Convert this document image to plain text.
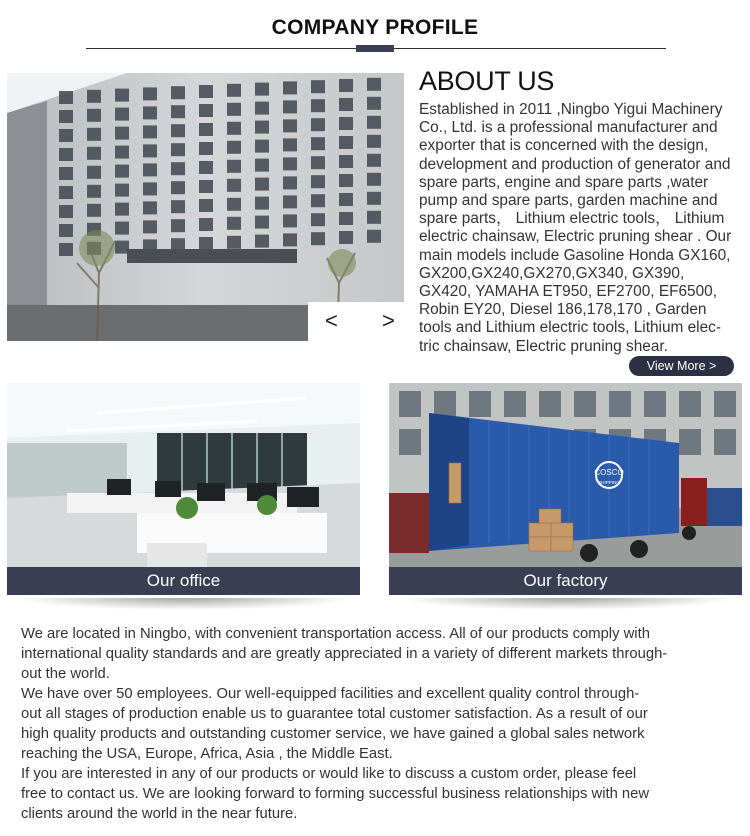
COMPANY PROFILE
< >
ABOUT US
Established in 2011 ,Ningbo Yigui Machinery
Co., Ltd. is a professional manufacturer and
exporter that is concerned with the design,
development and production of generator and
spare parts, engine and spare parts ,water
pump and spare parts, garden machine and
spare parts， Lithium electric tools， Lithium
electric chainsaw, Electric pruning shear . Our
main models include Gasoline Honda GX160,
GX200,GX240,GX270,GX340, GX390,
GX420, YAMAHA ET950, EF2700, EF6500,
Robin EY20, Diesel 186,178,170 , Garden
tools and Lithium electric tools, Lithium elec-
tric chainsaw, Electric pruning shear.
View More >
Our office
COSCO
SHIPPING
Our factory

We are located in Ningbo, with convenient transportation access. All of our products comply with
international quality standards and are greatly appreciated in a variety of different markets through-
out the world.

We have over 50 employees. Our well-equipped facilities and excellent quality control through-
out all stages of production enable us to guarantee total customer satisfaction. As a result of our
high quality products and outstanding customer service, we have gained a global sales network
reaching the USA, Europe, Africa, Asia , the Middle East.

If you are interested in any of our products or would like to discuss a custom order, please feel
free to contact us. We are looking forward to forming successful business relationships with new
clients around the world in the near future.
